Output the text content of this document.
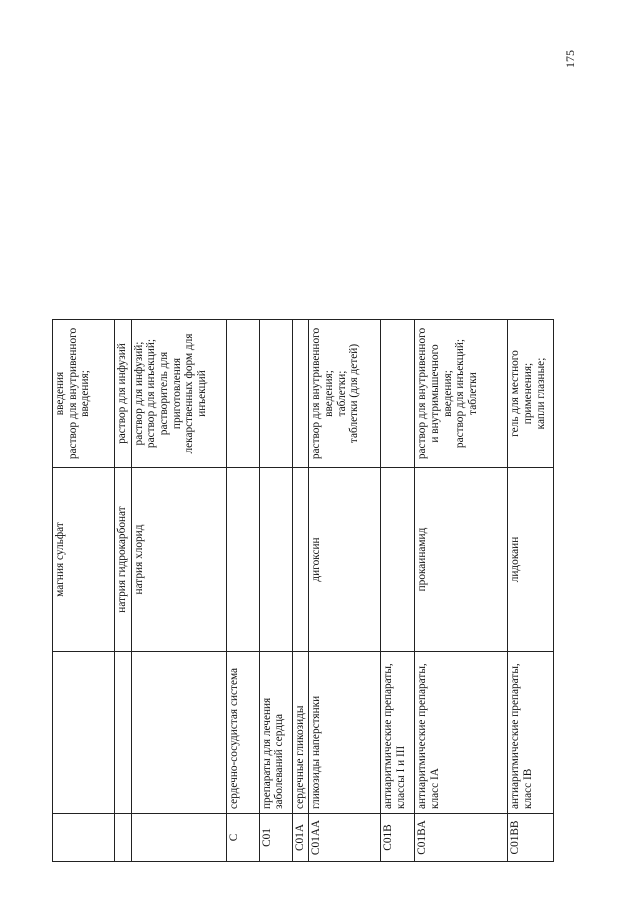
175
		магния сульфат	введения раствор для внутривенного введения;

		натрия гидрокарбонат	раствор для инфузий

		натрия хлорид	раствор для инфузий; раствор для инъекций; растворитель для приготовления лекарственных форм для инъекций

C	сердечно-сосудистая система		
C01	препараты для лечения заболеваний сердца		
C01A	сердечные гликозиды		
C01AA	гликозиды наперстянки	дигоксин	раствор для внутривенного введения; таблетки; таблетки (для детей)

C01B	антиаритмические препараты, классы I и III		
C01BA	антиаритмические препараты, класс IA	прокаинамид	раствор для внутривенного и внутримышечного введения; раствор для инъекций; таблетки

C01BB	антиаритмические препараты, класс IB	лидокаин	гель для местного применения; капли глазные;
